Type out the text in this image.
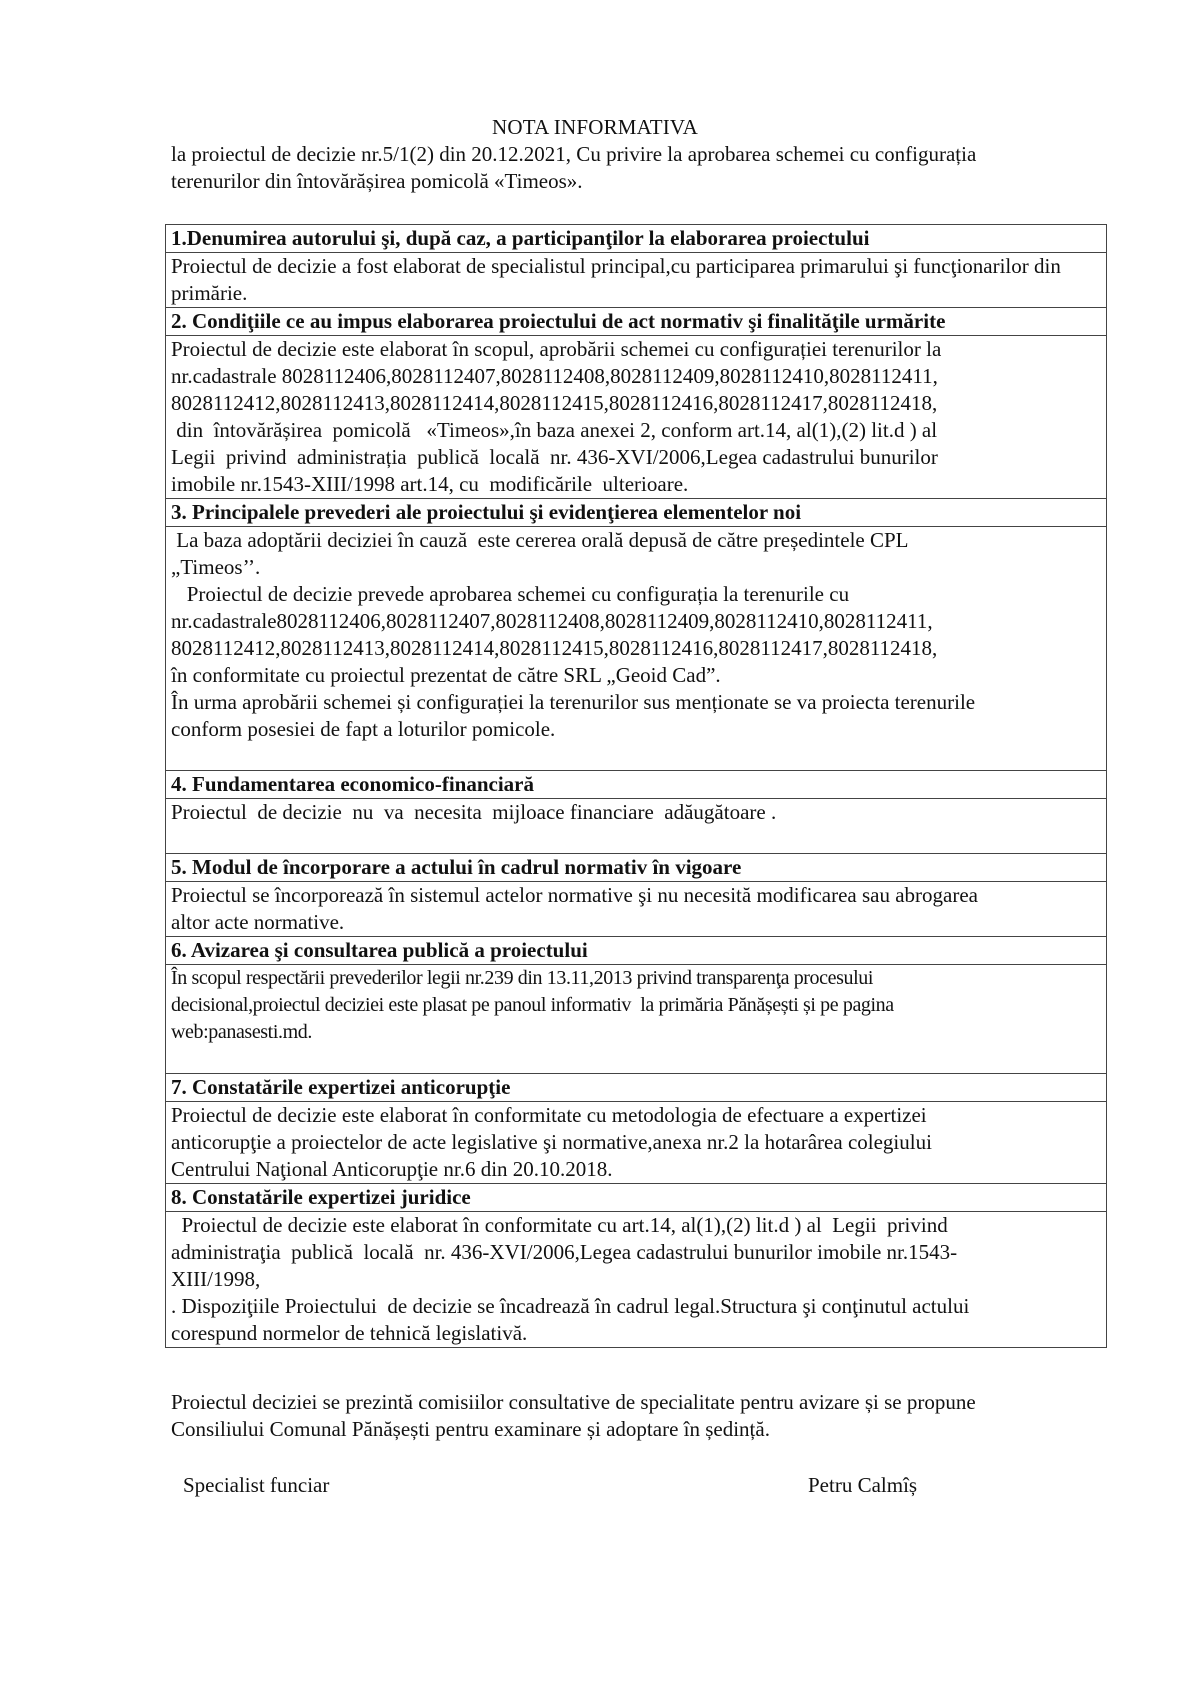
NOTA INFORMATIVA

la proiectul de decizie nr.5/1(2) din 20.12.2021, Cu privire la aprobarea schemei cu configurația

terenurilor din întovărășirea pomicolă «Timeos».

1.Denumirea autorului şi, după caz, a participanţilor la elaborarea proiectului

Proiectul de decizie a fost elaborat de specialistul principal,cu participarea primarului şi funcţionarilor din

primărie.

2. Condiţiile ce au impus elaborarea proiectului de act normativ şi finalităţile urmărite

Proiectul de decizie este elaborat în scopul, aprobării schemei cu configurației terenurilor la

nr.cadastrale 8028112406,8028112407,8028112408,8028112409,8028112410,8028112411,

8028112412,8028112413,8028112414,8028112415,8028112416,8028112417,8028112418,

din  întovărășirea  pomicolă   «Timeos»,în baza anexei 2, conform art.14, al(1),(2) lit.d ) al

Legii  privind  administrația  publică  locală  nr. 436-XVI/2006,Legea cadastrului bunurilor

imobile nr.1543-XIII/1998 art.14, cu  modificările  ulterioare.

3. Principalele prevederi ale proiectului şi evidenţierea elementelor noi

La baza adoptării deciziei în cauză  este cererea orală depusă de către președintele CPL

„Timeos’’.

Proiectul de decizie prevede aprobarea schemei cu configurația la terenurile cu

nr.cadastrale8028112406,8028112407,8028112408,8028112409,8028112410,8028112411,

8028112412,8028112413,8028112414,8028112415,8028112416,8028112417,8028112418,

în conformitate cu proiectul prezentat de către SRL „Geoid Cad”.

În urma aprobării schemei și configurației la terenurilor sus menționate se va proiecta terenurile

conform posesiei de fapt a loturilor pomicole.

4. Fundamentarea economico-financiară

Proiectul  de decizie  nu  va  necesita  mijloace financiare  adăugătoare .

5. Modul de încorporare a actului în cadrul normativ în vigoare

Proiectul se încorporează în sistemul actelor normative şi nu necesită modificarea sau abrogarea

altor acte normative.

6. Avizarea şi consultarea publică a proiectului

În scopul respectării prevederilor legii nr.239 din 13.11,2013 privind transparenţa procesului

decisional,proiectul deciziei este plasat pe panoul informativ  la primăria Pănășești și pe pagina

web:panasesti.md.

7. Constatările expertizei anticorupţie

Proiectul de decizie este elaborat în conformitate cu metodologia de efectuare a expertizei

anticorupţie a proiectelor de acte legislative şi normative,anexa nr.2 la hotarârea colegiului

Centrului Naţional Anticorupţie nr.6 din 20.10.2018.

8. Constatările expertizei juridice

Proiectul de decizie este elaborat în conformitate cu art.14, al(1),(2) lit.d ) al  Legii  privind

administraţia  publică  locală  nr. 436-XVI/2006,Legea cadastrului bunurilor imobile nr.1543-

XIII/1998,

. Dispoziţiile Proiectului  de decizie se încadrează în cadrul legal.Structura şi conţinutul actului

corespund normelor de tehnică legislativă.

Proiectul deciziei se prezintă comisiilor consultative de specialitate pentru avizare și se propune

Consiliului Comunal Pănășești pentru examinare și adoptare în ședință.

Specialist funciar	Petru Calmîș
